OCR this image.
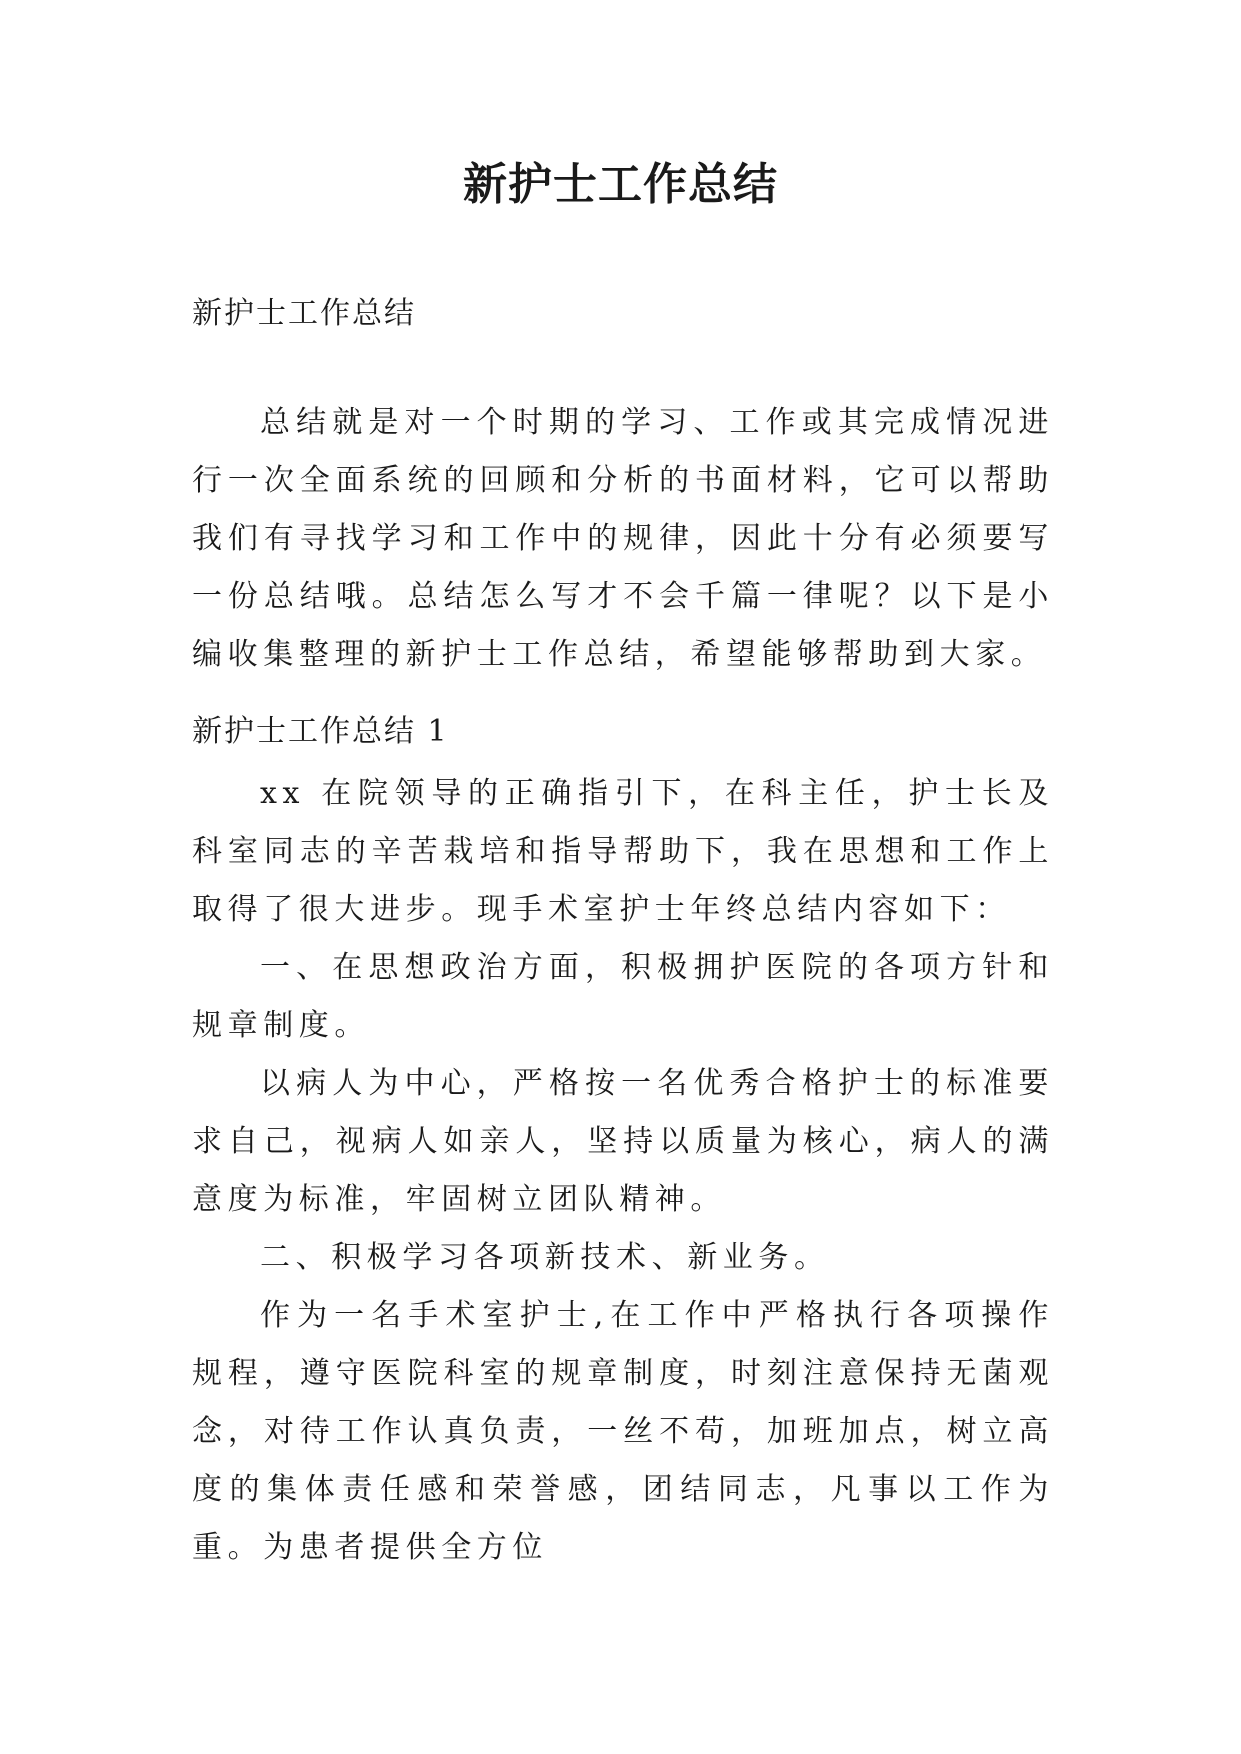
新护士工作总结
新护士工作总结

总结就是对一个时期的学习、工作或其完成情况进行一次全面系统的回顾和分析的书面材料，它可以帮助我们有寻找学习和工作中的规律，因此十分有必须要写一份总结哦。总结怎么写才不会千篇一律呢？以下是小编收集整理的新护士工作总结，希望能够帮助到大家。

新护士工作总结 1

xx 在院领导的正确指引下，在科主任，护士长及科室同志的辛苦栽培和指导帮助下，我在思想和工作上取得了很大进步。现手术室护士年终总结内容如下：

一、在思想政治方面，积极拥护医院的各项方针和规章制度。

以病人为中心，严格按一名优秀合格护士的标准要求自己，视病人如亲人，坚持以质量为核心，病人的满意度为标准，牢固树立团队精神。

二、积极学习各项新技术、新业务。

作为一名手术室护士,在工作中严格执行各项操作规程，遵守医院科室的规章制度，时刻注意保持无菌观念，对待工作认真负责，一丝不苟，加班加点，树立高度的集体责任感和荣誉感，团结同志，凡事以工作为重。为患者提供全方位
